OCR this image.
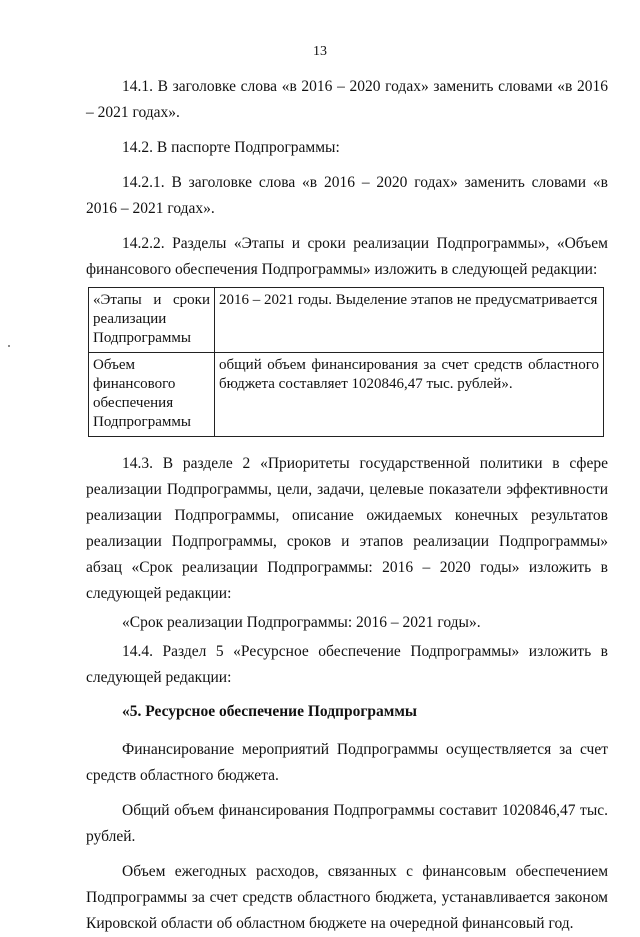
13

14.1. В заголовке слова «в 2016 – 2020 годах» заменить словами «в 2016 – 2021 годах».

14.2. В паспорте Подпрограммы:

14.2.1. В заголовке слова «в 2016 – 2020 годах» заменить словами «в 2016 – 2021 годах».

14.2.2. Разделы «Этапы и сроки реализации Подпрограммы», «Объем финансового обеспечения Подпрограммы» изложить в следующей редакции:

«Этапы и сроки реализации Подпрограммы	2016 – 2021 годы. Выделение этапов не предусматривается
Объем финансового обеспечения Подпрограммы	общий объем финансирования за счет средств областного бюджета составляет 1020846,47 тыс. рублей».

14.3. В разделе 2 «Приоритеты государственной политики в сфере реализации Подпрограммы, цели, задачи, целевые показатели эффективности реализации Подпрограммы, описание ожидаемых конечных результатов реализации Подпрограммы, сроков и этапов реализации Подпрограммы» абзац «Срок реализации Подпрограммы: 2016 – 2020 годы» изложить в следующей редакции:

«Срок реализации Подпрограммы: 2016 – 2021 годы».

14.4. Раздел 5 «Ресурсное обеспечение Подпрограммы» изложить в следующей редакции:

«5. Ресурсное обеспечение Подпрограммы

Финансирование мероприятий Подпрограммы осуществляется за счет средств областного бюджета.

Общий объем финансирования Подпрограммы составит 1020846,47 тыс. рублей.

Объем ежегодных расходов, связанных с финансовым обеспечением Подпрограммы за счет средств областного бюджета, устанавливается законом Кировской области об областном бюджете на очередной финансовый год.
